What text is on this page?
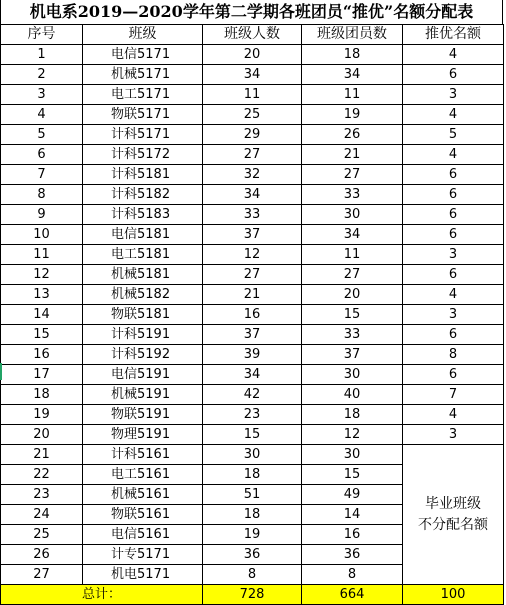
机电系2019—2020学年第二学期各班团员“推优”名额分配表
序号	班级	班级人数	班级团员数	推优名额
1	电信5171	20	18	4
2	机械5171	34	34	6
3	电工5171	11	11	3
4	物联5171	25	19	4
5	计科5171	29	26	5
6	计科5172	27	21	4
7	计科5181	32	27	6
8	计科5182	34	33	6
9	计科5183	33	30	6
10	电信5181	37	34	6
11	电工5181	12	11	3
12	机械5181	27	27	6
13	机械5182	21	20	4
14	物联5181	16	15	3
15	计科5191	37	33	6
16	计科5192	39	37	8
17	电信5191	34	30	6
18	机械5191	42	40	7
19	物联5191	23	18	4
20	物理5191	15	12	3
21	计科5161	30	30	毕业班级
不分配名额

22	电工5161	18	15	
23	机械5161	51	49	
24	物联5161	18	14	
25	电信5161	19	16	
26	计专5171	36	36	
27	机电5171	8	8	
总计：		728	664	100
